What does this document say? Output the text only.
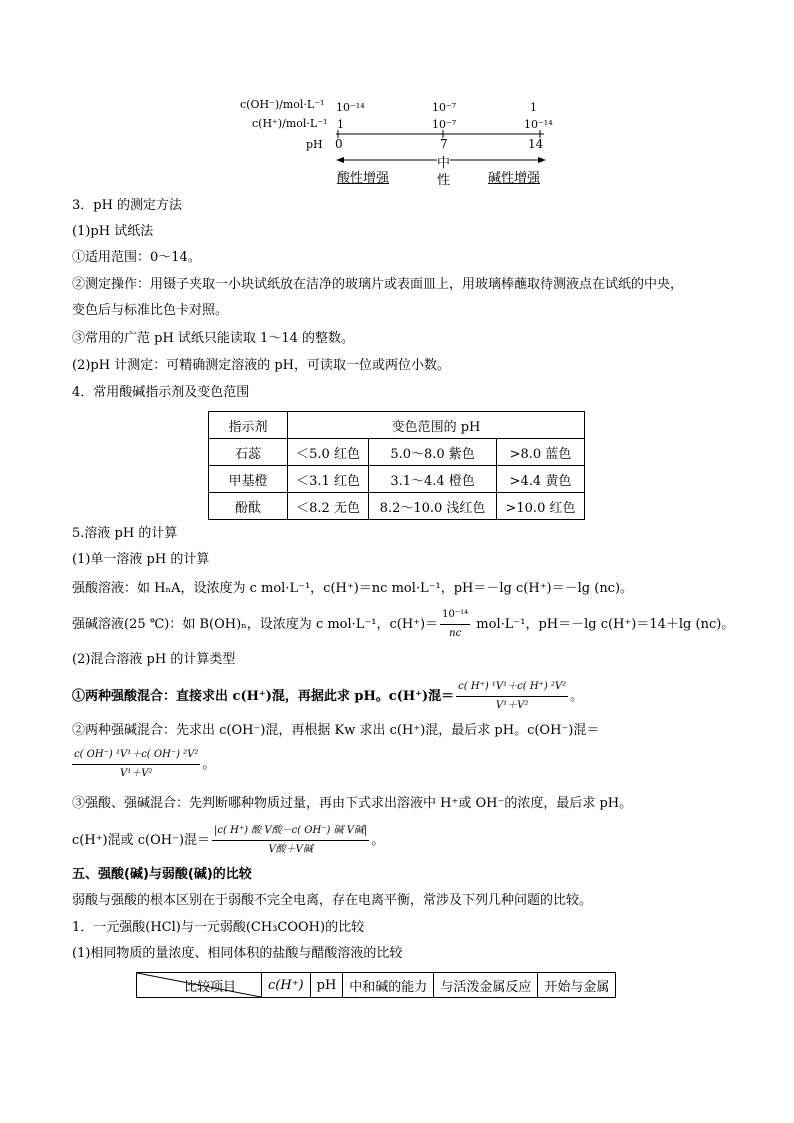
c(OH⁻)/mol·L⁻¹
c(H⁺)/mol·L⁻¹
pH
10⁻¹⁴	10⁻⁷	1
1	10⁻⁷	10⁻¹⁴
0	7	14
酸性增强
中
性	碱性增强
3．pH 的测定方法
(1)pH 试纸法
①适用范围：0～14。
②测定操作：用镊子夹取一小块试纸放在洁净的玻璃片或表面皿上，用玻璃棒蘸取待测液点在试纸的中央，
变色后与标准比色卡对照。
③常用的广范 pH 试纸只能读取 1～14 的整数。
(2)pH 计测定：可精确测定溶液的 pH，可读取一位或两位小数。
4．常用酸碱指示剂及变色范围
指示剂	变色范围的 pH		
石蕊	＜5.0 红色	5.0～8.0 紫色	>8.0 蓝色
甲基橙	＜3.1 红色	3.1～4.4 橙色	>4.4 黄色
酚酞	＜8.2 无色	8.2～10.0 浅红色	>10.0 红色
5.溶液 pH 的计算
(1)单一溶液 pH 的计算
强酸溶液：如 HₙA，设浓度为 c mol·L⁻¹，c(H⁺)＝nc mol·L⁻¹，pH＝－lg c(H⁺)＝－lg (nc)。
强碱溶液(25 ℃)：如 B(OH)ₙ，设浓度为 c mol·L⁻¹，$c(H^+)= \frac{\text{10⁻¹⁴}}{nc} mol\cdot L^{-1}$，pH＝－lg c(H⁺)＝14＋lg (nc)。
(2)混合溶液 pH 的计算类型
①两种强酸混合：直接求出 c(H⁺)混，再据此求 pH。c(H⁺)混＝ $\frac{\text{c( H⁺) ¹V¹＋c( H⁺) ²V²}}{\text{V¹＋V²}}$ 。
②两种强碱混合：先求出 c(OH⁻)混，再根据 Kw 求出 c(H⁺)混，最后求 pH。c(OH⁻)混＝
$\frac{\text{c( OH⁻) ¹V¹＋c( OH⁻) ²V²}}{\text{V¹＋V²}}$ 。
③强酸、强碱混合：先判断哪种物质过量，再由下式求出溶液中 H⁺或 OH⁻的浓度，最后求 pH。
c(H⁺)混或 c(OH⁻)混＝ $\frac{\text{|c( H⁺) 酸 V酸－c( OH⁻) 碱 V碱|}}{\text{V酸＋V碱}}$ 。
五、强酸(碱)与弱酸(碱)的比较
弱酸与强酸的根本区别在于弱酸不完全电离，存在电离平衡，常涉及下列几种问题的比较。
1．一元强酸(HCl)与一元弱酸(CH₃COOH)的比较
(1)相同物质的量浓度、相同体积的盐酸与醋酸溶液的比较
比较项目	c(H⁺)	pH	中和碱的能力	与活泼金属反应	开始与金属
